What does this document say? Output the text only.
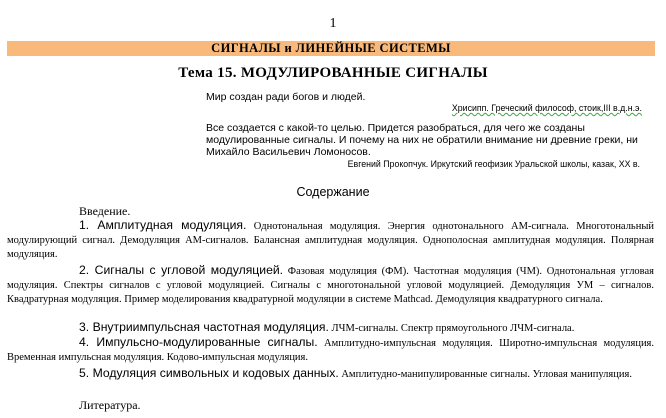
1
СИГНАЛЫ и ЛИНЕЙНЫЕ СИСТЕМЫ
Тема 15. МОДУЛИРОВАННЫЕ СИГНАЛЫ
Мир создан ради богов и людей.
Хрисипп. Греческий философ, стоик,III в.д.н.э.
Все создается с какой-то целью. Придется разобраться, для чего же созданы модулированные сигналы. И почему на них не обратили внимание ни древние греки, ни Михайло Васильевич Ломоносов.
Евгений Прокопчук. Иркутский геофизик Уральской школы, казак, XX в.
Содержание
Введение.
1. Амплитудная модуляция. Однотональная модуляция. Энергия однотонального АМ-сигнала. Многотональный модулирующий сигнал. Демодуляция АМ-сигналов. Балансная амплитудная модуляция. Однополосная амплитудная модуляция. Полярная модуляция.
2. Сигналы с угловой модуляцией. Фазовая модуляция (ФМ). Частотная модуляция (ЧМ). Однотональная угловая модуляция. Спектры сигналов с угловой модуляцией. Сигналы с многотональной угловой модуляцией. Демодуляция УМ – сигналов. Квадратурная модуляция. Пример моделирования квадратурной модуляции в системе Mathcad. Демодуляция квадратурного сигнала.
3. Внутриимпульсная частотная модуляция. ЛЧМ-сигналы. Спектр прямоугольного ЛЧМ-сигнала.
4. Импульсно-модулированные сигналы. Амплитудно-импульсная модуляция. Широтно-импульсная модуляция. Временная импульсная модуляция. Кодово-импульсная модуляция.
5. Модуляция символьных и кодовых данных. Амплитудно-манипулированные сигналы. Угловая манипуляция.
Литература.
